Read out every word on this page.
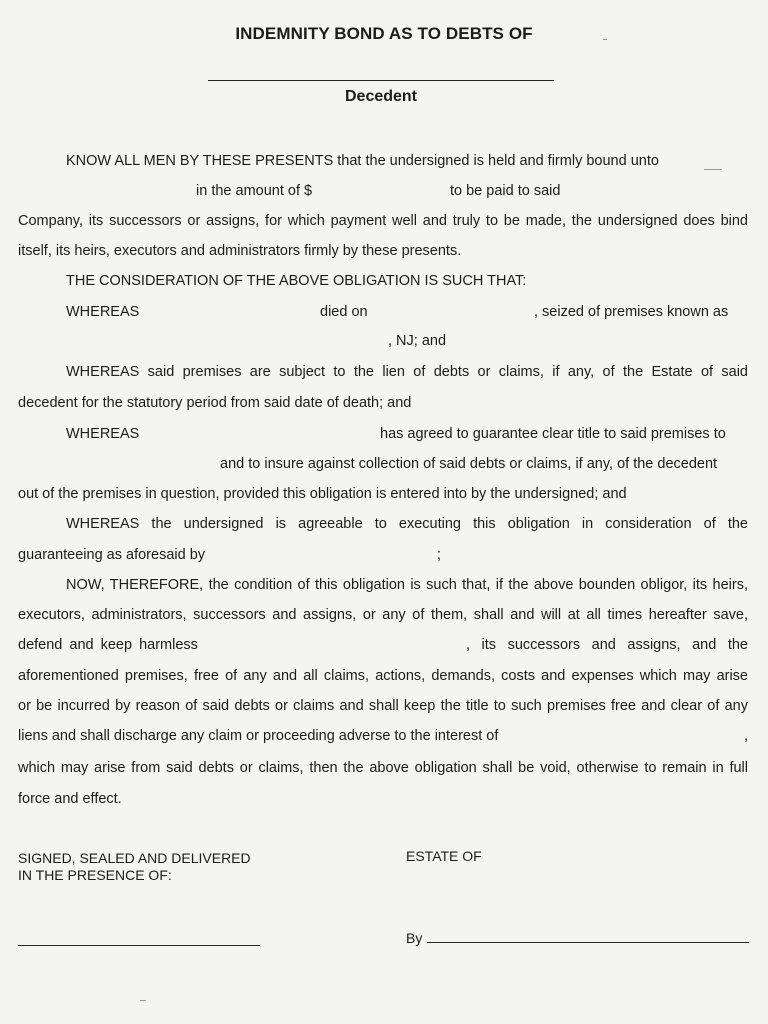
INDEMNITY BOND AS TO DEBTS OF
Decedent
KNOW ALL MEN BY THESE PRESENTS that the undersigned is held and firmly bound unto
in the amount of $	to be paid to said
Company, its successors or assigns, for which payment well and truly to be made, the undersigned does bind
itself, its heirs, executors and administrators firmly by these presents.
THE CONSIDERATION OF THE ABOVE OBLIGATION IS SUCH THAT:
WHEREAS	died on	, seized of premises known as
, NJ; and
WHEREAS said premises are subject to the lien of debts or claims, if any, of the Estate of said
decedent for the statutory period from said date of death; and
WHEREAS	has agreed to guarantee clear title to said premises to
and to insure against collection of said debts or claims, if any, of the decedent
out of the premises in question, provided this obligation is entered into by the undersigned; and
WHEREAS the undersigned is agreeable to executing this obligation in consideration of the
guaranteeing as aforesaid by	;
NOW, THEREFORE, the condition of this obligation is such that, if the above bounden obligor, its heirs,
executors, administrators, successors and assigns, or any of them, shall and will at all times hereafter save,
defend and keep harmless	, its successors and assigns, and the
aforementioned premises, free of any and all claims, actions, demands, costs and expenses which may arise
or be incurred by reason of said debts or claims and shall keep the title to such premises free and clear of any
liens and shall discharge any claim or proceeding adverse to the interest of	,
which may arise from said debts or claims, then the above obligation shall be void, otherwise to remain in full
force and effect.
SIGNED, SEALED AND DELIVERED
IN THE PRESENCE OF:
ESTATE OF
By
